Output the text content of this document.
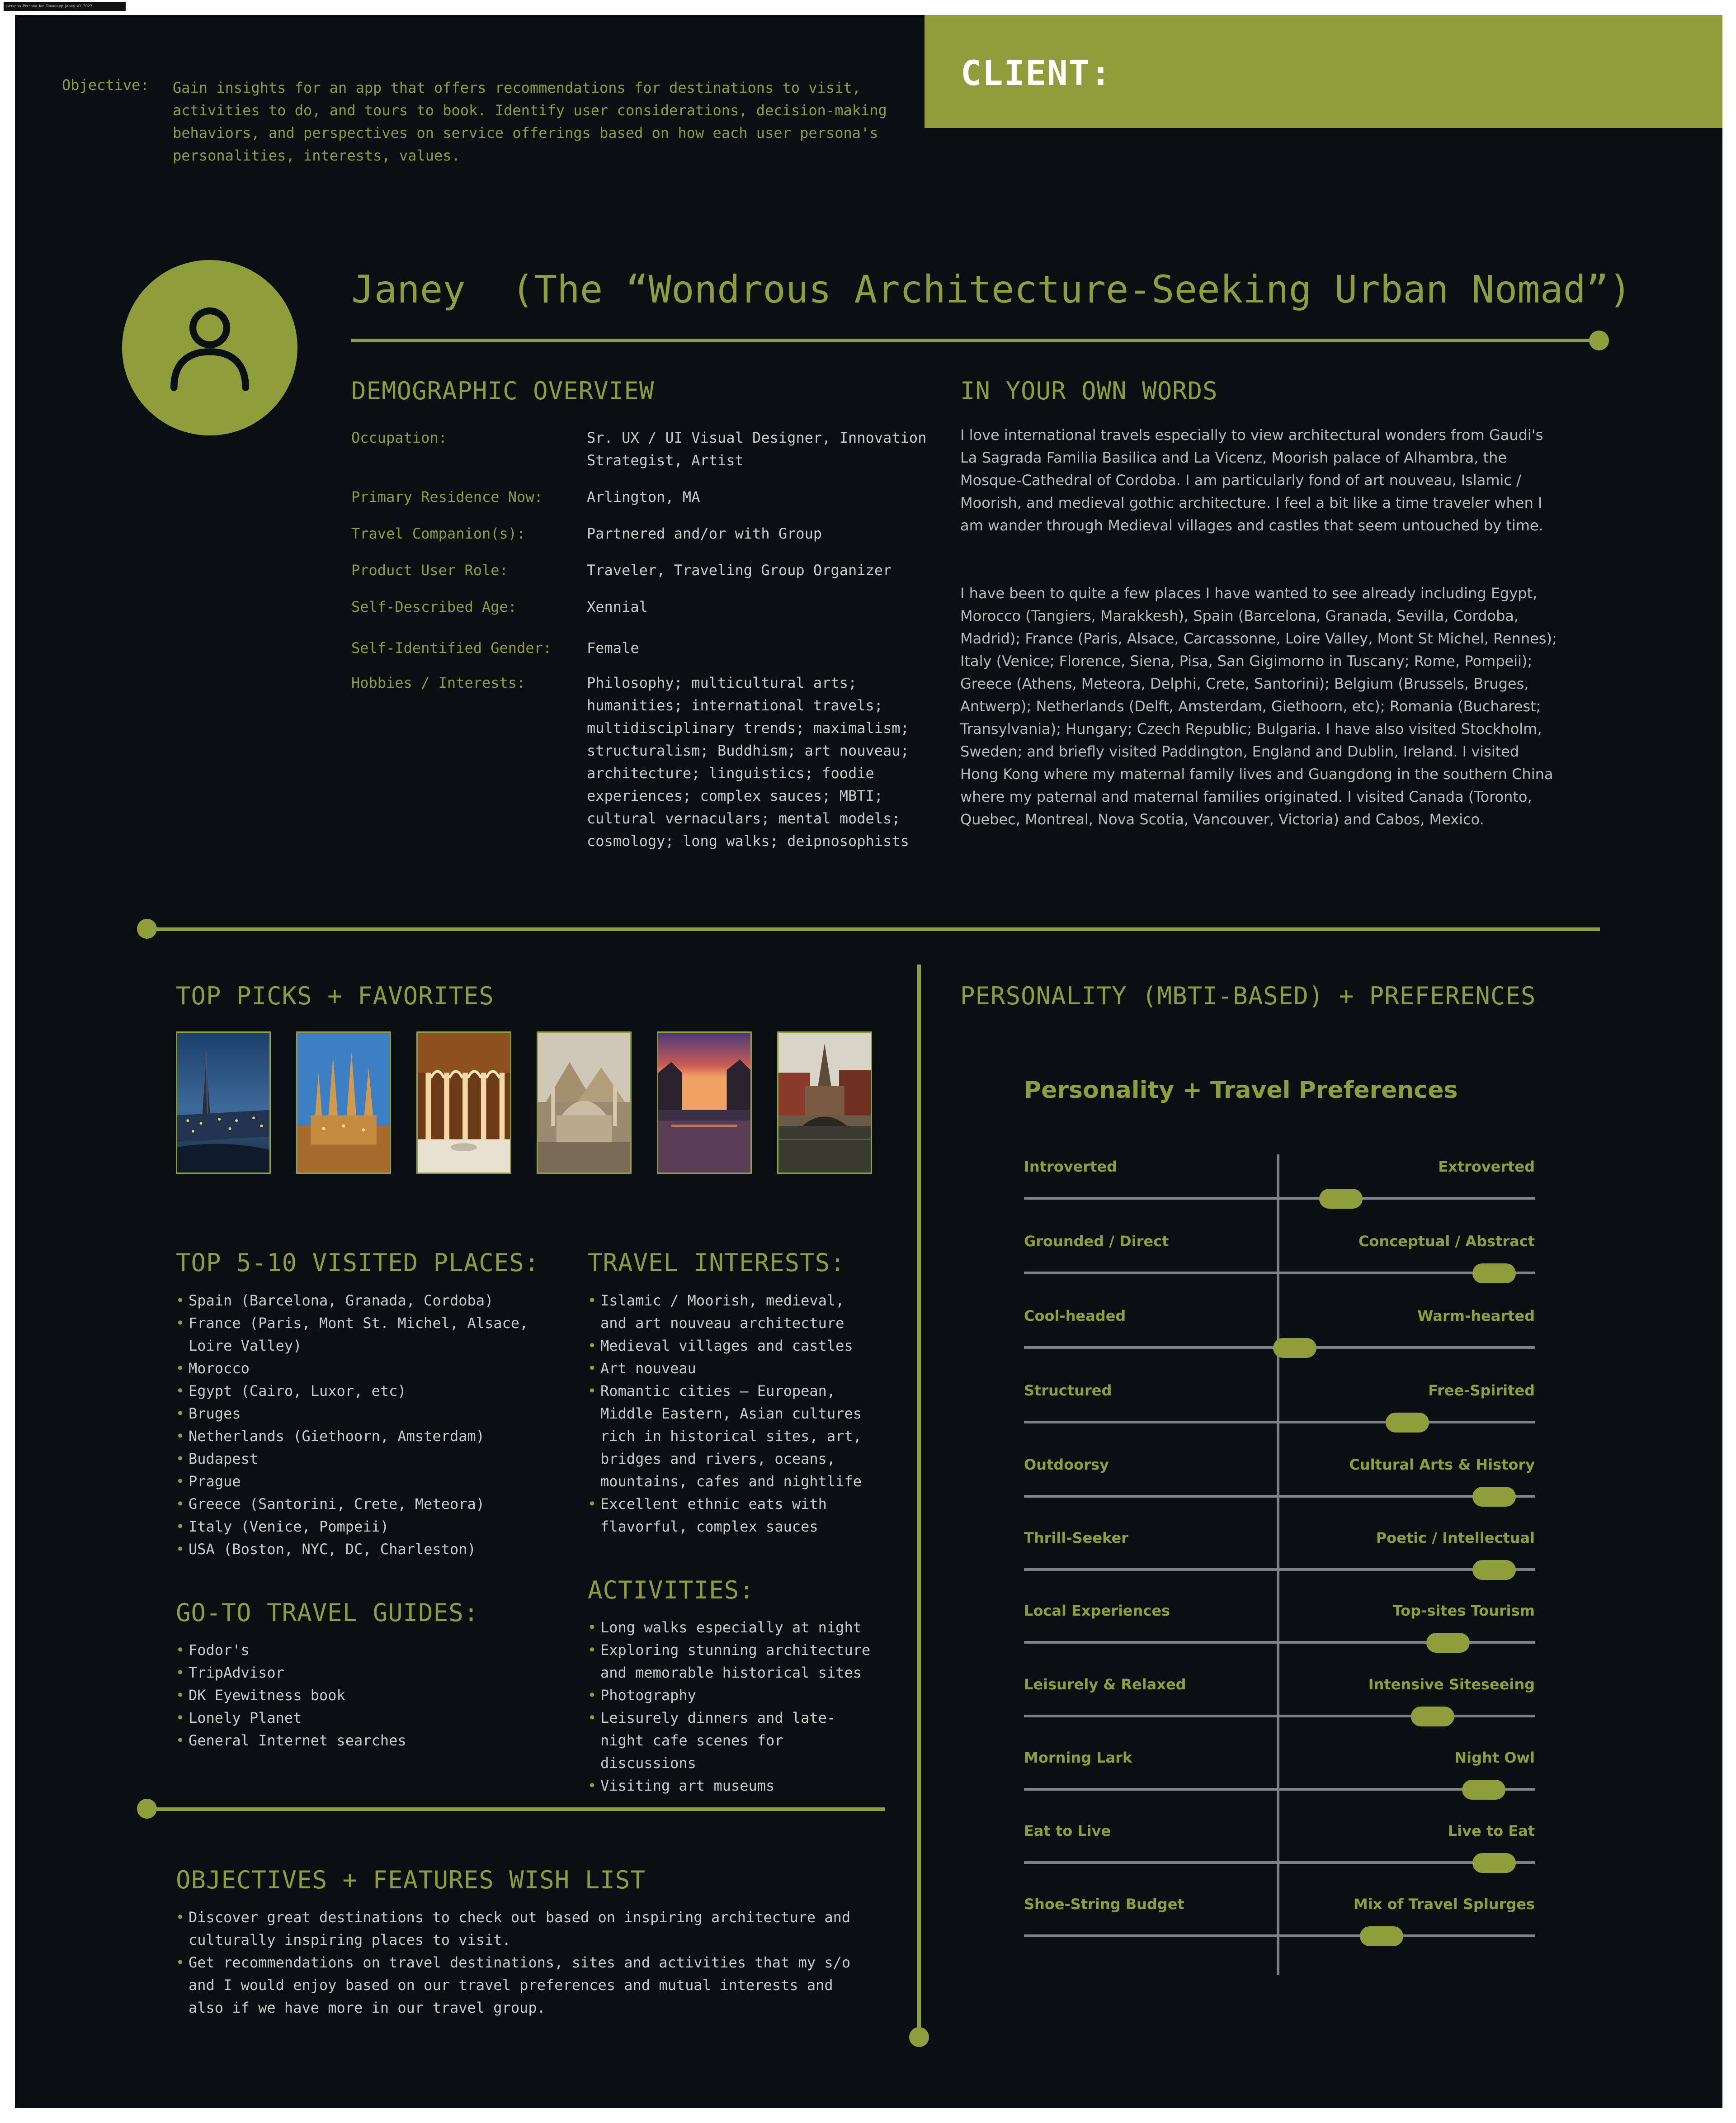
persona_Persona_for_Travelapp_Janey_v1_2023
CLIENT:
Objective: Gain insights for an app that offers recommendations for destinations to visit, activities to do, and tours to book. Identify user considerations, decision-making behaviors, and perspectives on service offerings based on how each user persona's personalities, interests, values.
Janey  (The “Wondrous Architecture-Seeking Urban Nomad”)
DEMOGRAPHIC OVERVIEW
Occupation:	Sr. UX / UI Visual Designer, Innovation Strategist, Artist
Primary Residence Now:	Arlington, MA
Travel Companion(s):	Partnered and/or with Group
Product User Role:	Traveler, Traveling Group Organizer
Self-Described Age:	Xennial
Self-Identified Gender: Female
Hobbies / Interests:	Philosophy; multicultural arts; humanities; international travels; multidisciplinary trends; maximalism; structuralism; Buddhism; art nouveau; architecture; linguistics; foodie experiences; complex sauces; MBTI; cultural vernaculars; mental models; cosmology; long walks; deipnosophists
IN YOUR OWN WORDS
I love international travels especially to view architectural wonders from Gaudi's La Sagrada Familia Basilica and La Vicenz, Moorish palace of Alhambra, the Mosque-Cathedral of Cordoba. I am particularly fond of art nouveau, Islamic / Moorish, and medieval gothic architecture. I feel a bit like a time traveler when I am wander through Medieval villages and castles that seem untouched by time.
I have been to quite a few places I have wanted to see already including Egypt, Morocco (Tangiers, Marakkesh), Spain (Barcelona, Granada, Sevilla, Cordoba, Madrid); France (Paris, Alsace, Carcassonne, Loire Valley, Mont St Michel, Rennes); Italy (Venice; Florence, Siena, Pisa, San Gigimorno in Tuscany; Rome, Pompeii); Greece (Athens, Meteora, Delphi, Crete, Santorini); Belgium (Brussels, Bruges, Antwerp); Netherlands (Delft, Amsterdam, Giethoorn, etc); Romania (Bucharest; Transylvania); Hungary; Czech Republic; Bulgaria. I have also visited Stockholm, Sweden; and briefly visited Paddington, England and Dublin, Ireland. I visited Hong Kong where my maternal family lives and Guangdong in the southern China where my paternal and maternal families originated. I visited Canada (Toronto, Quebec, Montreal, Nova Scotia, Vancouver, Victoria) and Cabos, Mexico.
TOP PICKS + FAVORITES
TOP 5-10 VISITED PLACES:
• Spain (Barcelona, Granada, Cordoba)
• France (Paris, Mont St. Michel, Alsace, Loire Valley)
• Morocco
• Egypt (Cairo, Luxor, etc)
• Bruges
• Netherlands (Giethoorn, Amsterdam)
• Budapest
• Prague
• Greece (Santorini, Crete, Meteora)
• Italy (Venice, Pompeii)
• USA (Boston, NYC, DC, Charleston)
TRAVEL INTERESTS:
• Islamic / Moorish, medieval, and art nouveau architecture
• Medieval villages and castles
• Art nouveau
• Romantic cities — European, Middle Eastern, Asian cultures rich in historical sites, art, bridges and rivers, oceans, mountains, cafes and nightlife
• Excellent ethnic eats with flavorful, complex sauces
GO-TO TRAVEL GUIDES:
• Fodor's
• TripAdvisor
• DK Eyewitness book
• Lonely Planet
• General Internet searches
ACTIVITIES:
• Long walks especially at night
• Exploring stunning architecture and memorable historical sites
• Photography
• Leisurely dinners and late-night cafe scenes for discussions
• Visiting art museums
OBJECTIVES + FEATURES WISH LIST
• Discover great destinations to check out based on inspiring architecture and culturally inspiring places to visit.
• Get recommendations on travel destinations, sites and activities that my s/o and I would enjoy based on our travel preferences and mutual interests and also if we have more in our travel group.
PERSONALITY (MBTI-BASED) + PREFERENCES
Personality + Travel Preferences
Introverted	Extroverted
Grounded / Direct	Conceptual / Abstract
Cool-headed	Warm-hearted
Structured	Free-Spirited
Outdoorsy	Cultural Arts & History
Thrill-Seeker	Poetic / Intellectual
Local Experiences	Top-sites Tourism
Leisurely & Relaxed	Intensive Siteseeing
Morning Lark	Night Owl
Eat to Live	Live to Eat
Shoe-String Budget	Mix of Travel Splurges
